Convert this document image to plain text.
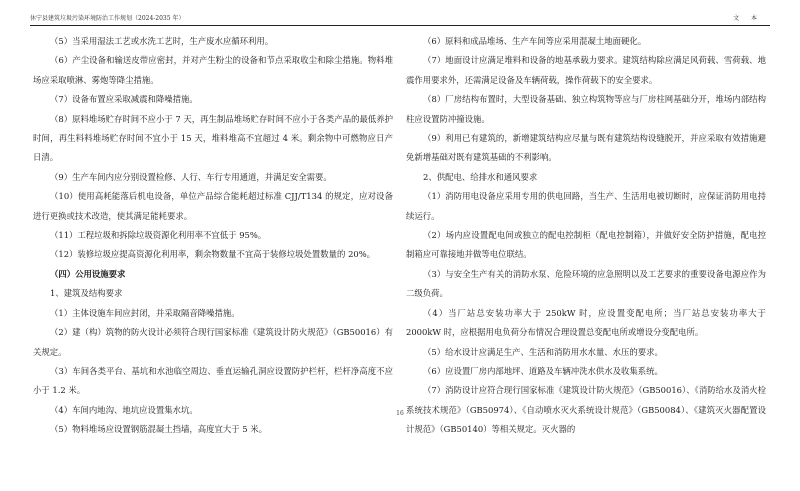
休宁县建筑垃圾污染环境防治工作规划（2024-2035 年）	文 本

（5）当采用湿法工艺或水洗工艺时，生产废水应循环利用。

（6）产尘设备和输送皮带应密封，并对产生粉尘的设备和节点采取收尘和除尘措施。物料堆场应采取喷淋、雾炮等降尘措施。

（7）设备布置应采取减震和降噪措施。

（8）原料堆场贮存时间不应小于 7 天，再生制品堆场贮存时间不应小于各类产品的最低养护时间，再生料料堆场贮存时间不宜小于 15 天，堆料堆高不宜超过 4 米。剩余物中可燃物应日产日清。

（9）生产车间内应分别设置检修、人行、车行专用通道，并满足安全需要。

（10）使用高耗能落后机电设备，单位产品综合能耗超过标准 CJJ/T134 的规定，应对设备进行更换或技术改造，使其满足能耗要求。

（11）工程垃圾和拆除垃圾资源化利用率不宜低于 95%。

（12）装修垃圾应提高资源化利用率，剩余物数量不宜高于装修垃圾处置数量的 20%。

（四）公用设施要求

1、建筑及结构要求

（1）主体设施车间应封闭，并采取隔音降噪措施。

（2）建（构）筑物的防火设计必须符合现行国家标准《建筑设计防火规范》（GB50016）有关规定。

（3）车间各类平台、基坑和水池临空周边、垂直运输孔洞应设置防护栏杆，栏杆净高度不应小于 1.2 米。

（4）车间内地沟、地坑应设置集水坑。

（5）物料堆场应设置钢筋混凝土挡墙，高度宜大于 5 米。

（6）原料和成品堆场、生产车间等应采用混凝土地面硬化。

（7）地面设计应满足堆料和设备的地基承载力要求。建筑结构除应满足风荷载、雪荷载、地震作用要求外，还需满足设备及车辆荷载，操作荷载下的安全要求。

（8）厂房结构布置时，大型设备基础、独立构筑物等应与厂房柱网基础分开，堆场内部结构柱应设置防冲撞设施。

（9）利用已有建筑的，新增建筑结构应尽量与既有建筑结构设缝脱开，并应采取有效措施避免新增基础对既有建筑基础的不利影响。

2、供配电、给排水和通风要求

（1）消防用电设备应采用专用的供电回路，当生产、生活用电被切断时，应保证消防用电持续运行。

（2）场内应设置配电间或独立的配电控制柜（配电控制箱），并做好安全防护措施，配电控制箱应可靠接地并做等电位联结。

（3）与安全生产有关的消防水泵、危险环境的应急照明以及工艺要求的重要设备电源应作为二级负荷。

（4）当厂站总安装功率大于 250kW 时，应设置变配电所；当厂站总安装功率大于 2000kW 时，应根据用电负荷分布情况合理设置总变配电所或增设分变配电所。

（5）给水设计应满足生产、生活和消防用水水量、水压的要求。

（6）应设置厂房内部地坪、道路及车辆冲洗水供水及收集系统。

（7）消防设计应符合现行国家标准《建筑设计防火规范》（GB50016）、《消防给水及消火栓系统技术规范》（GB50974）、《自动喷水灭火系统设计规范》（GB50084）、《建筑灭火器配置设计规范》（GB50140）等相关规定。灭火器的

16
